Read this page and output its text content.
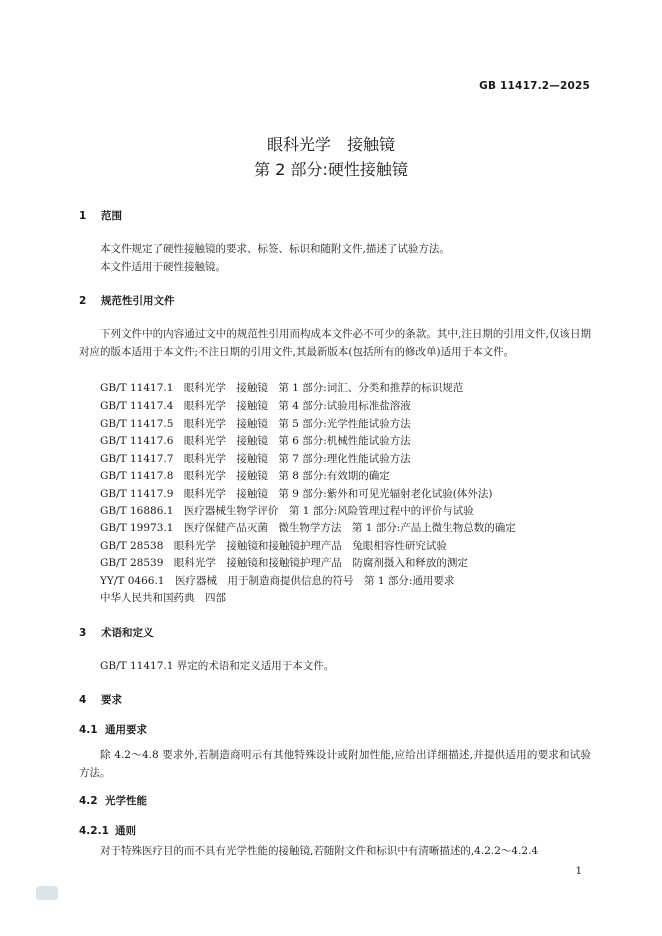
GB 11417.2—2025
眼科光学　接触镜
第 2 部分:硬性接触镜
1 范围
本文件规定了硬性接触镜的要求、标签、标识和随附文件,描述了试验方法。
本文件适用于硬性接触镜。
2 规范性引用文件
下列文件中的内容通过文中的规范性引用而构成本文件必不可少的条款。其中,注日期的引用文件,仅该日期对应的版本适用于本文件;不注日期的引用文件,其最新版本(包括所有的修改单)适用于本文件。
GB/T 11417.1　眼科光学　接触镜　第 1 部分:词汇、分类和推荐的标识规范
GB/T 11417.4　眼科光学　接触镜　第 4 部分:试验用标准盐溶液
GB/T 11417.5　眼科光学　接触镜　第 5 部分:光学性能试验方法
GB/T 11417.6　眼科光学　接触镜　第 6 部分:机械性能试验方法
GB/T 11417.7　眼科光学　接触镜　第 7 部分:理化性能试验方法
GB/T 11417.8　眼科光学　接触镜　第 8 部分:有效期的确定
GB/T 11417.9　眼科光学　接触镜　第 9 部分:紫外和可见光辐射老化试验(体外法)
GB/T 16886.1　医疗器械生物学评价　第 1 部分:风险管理过程中的评价与试验
GB/T 19973.1　医疗保健产品灭菌　微生物学方法　第 1 部分:产品上微生物总数的确定
GB/T 28538　眼科光学　接触镜和接触镜护理产品　兔眼相容性研究试验
GB/T 28539　眼科光学　接触镜和接触镜护理产品　防腐剂摄入和释放的测定
YY/T 0466.1　医疗器械　用于制造商提供信息的符号　第 1 部分:通用要求
中华人民共和国药典　四部
3 术语和定义
GB/T 11417.1 界定的术语和定义适用于本文件。
4 要求
4.1 通用要求
除 4.2～4.8 要求外,若制造商明示有其他特殊设计或附加性能,应给出详细描述,并提供适用的要求和试验方法。
4.2 光学性能
4.2.1 通则
对于特殊医疗目的而不具有光学性能的接触镜,若随附文件和标识中有清晰描述的,4.2.2～4.2.4
1
